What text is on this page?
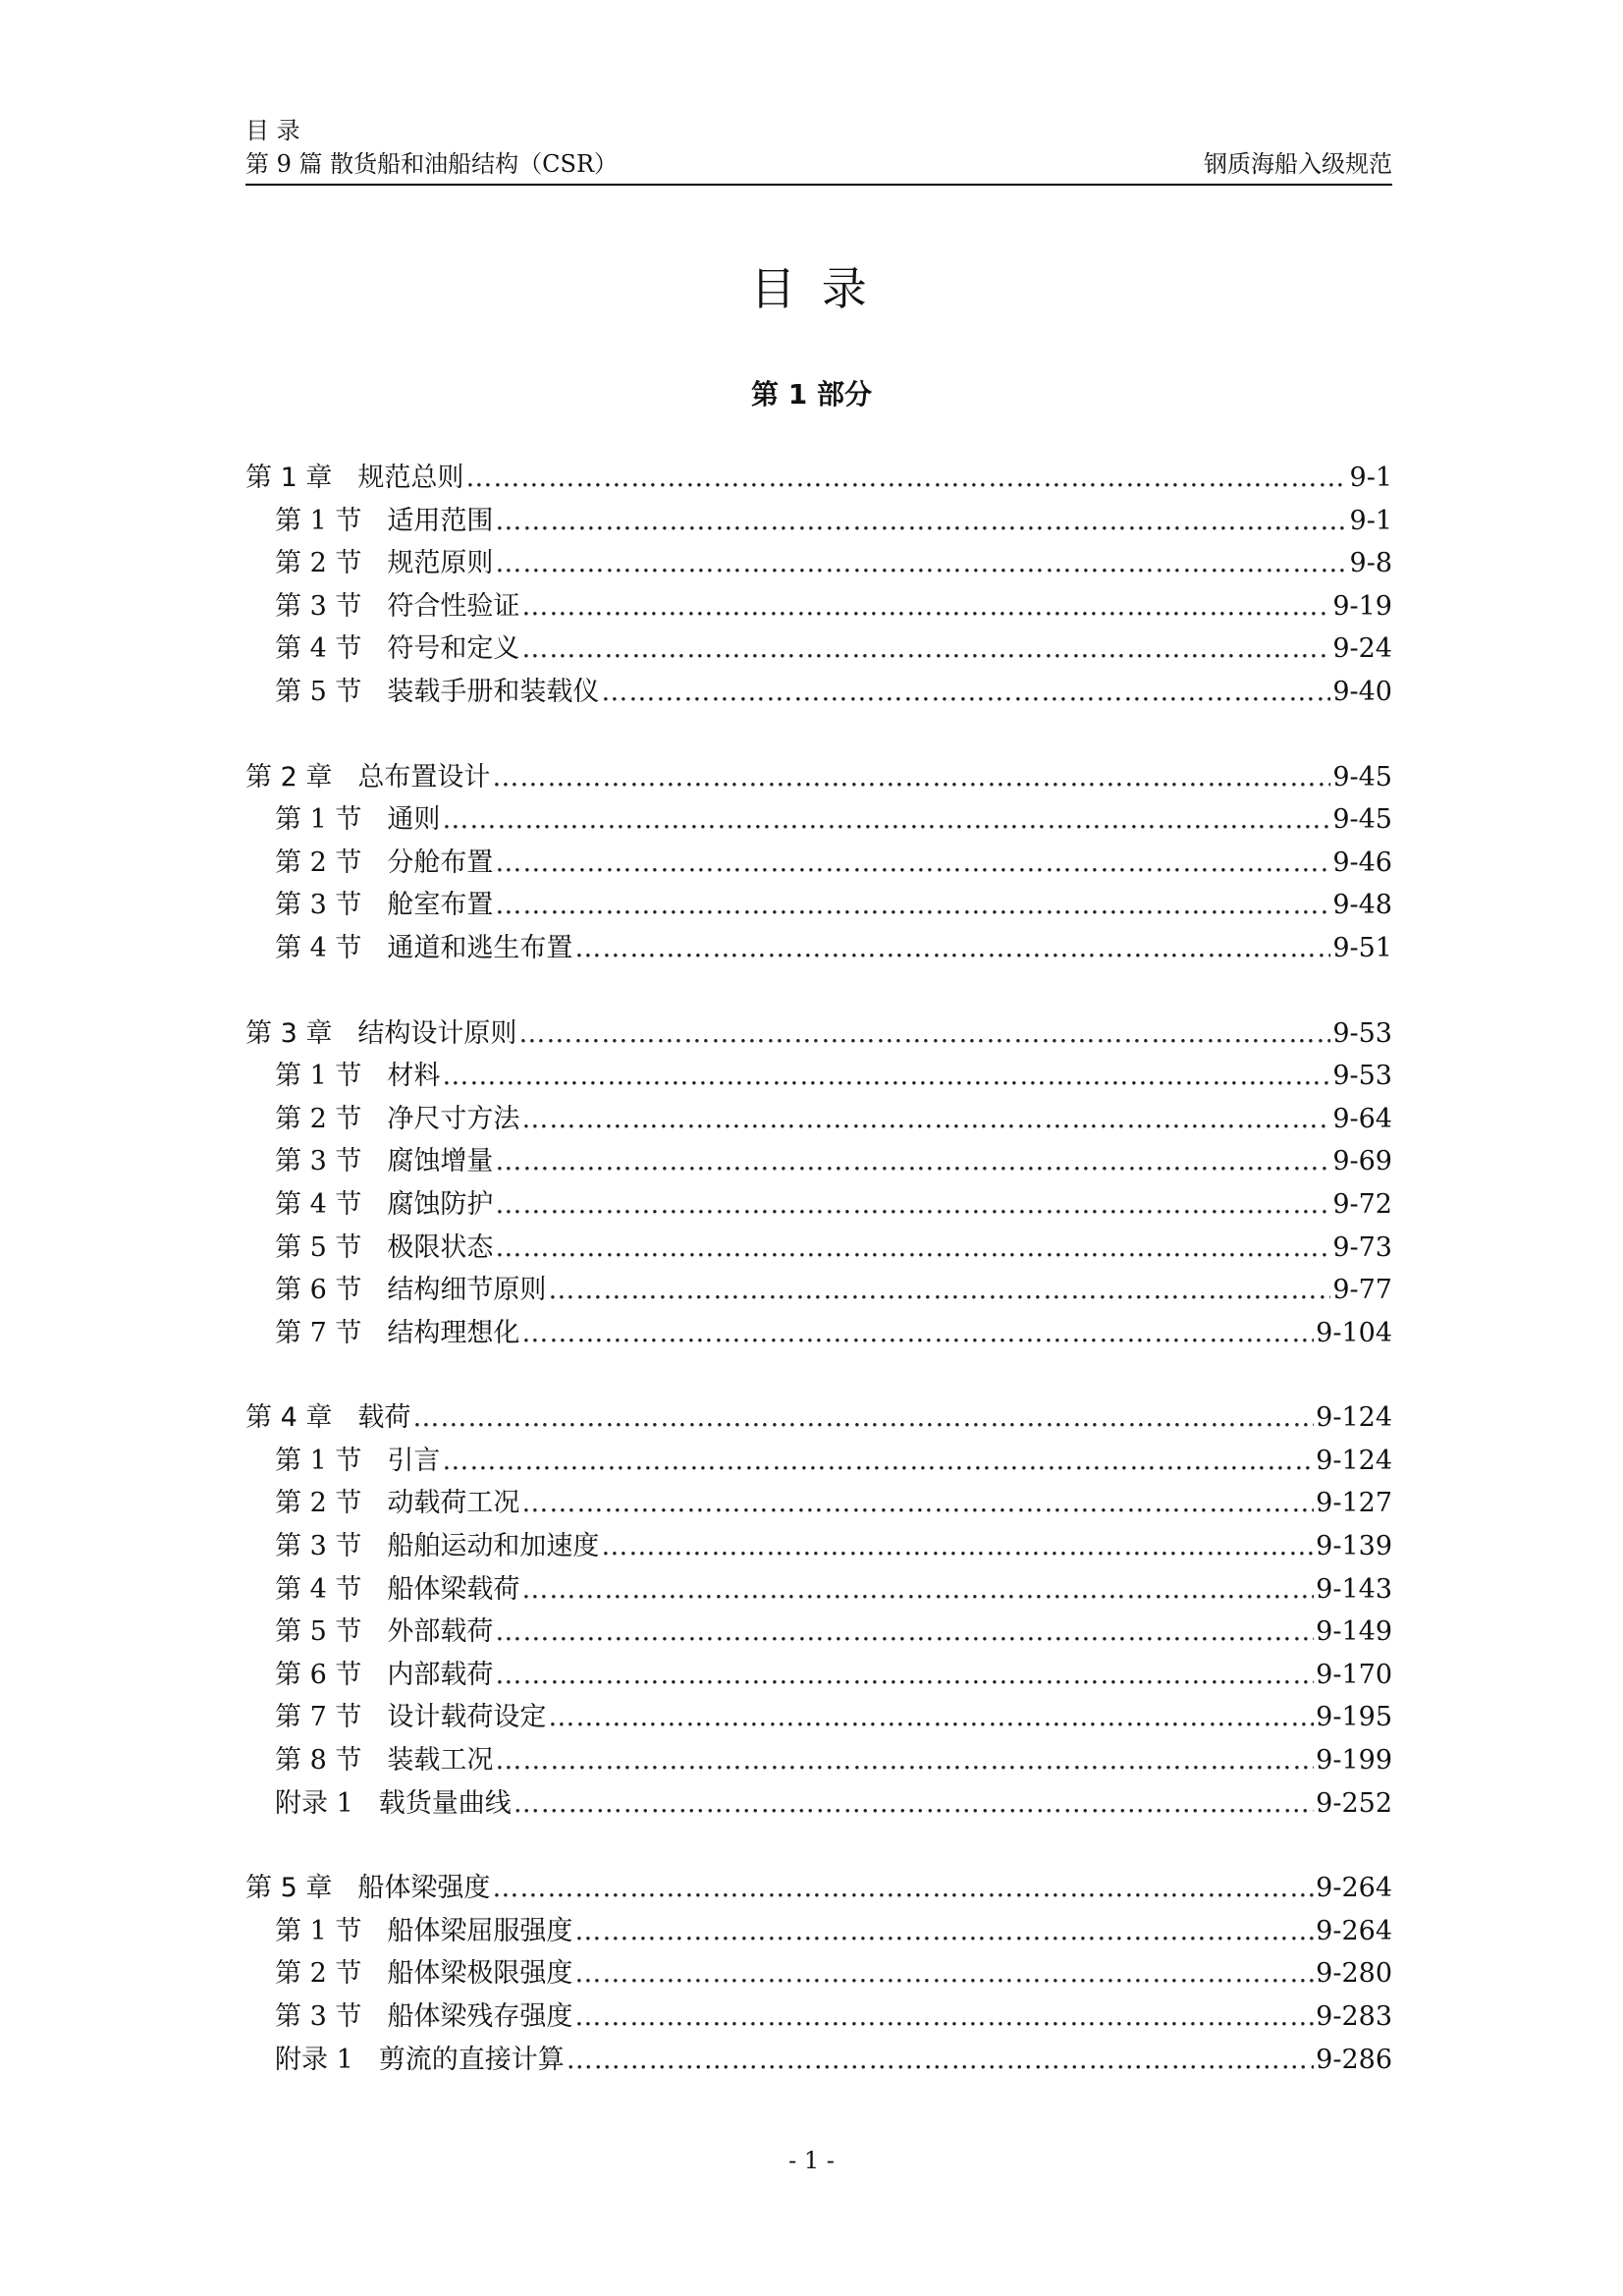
目 录
第 9 篇 散货船和油船结构（CSR）	钢质海船入级规范
目 录
第 1 部分
第 1 章 规范总则 …………………………………………………………………………………………………………………………………………………………………………	9-1
第 1 节 适用范围 …………………………………………………………………………………………………………………………………………………………………………	9-1
第 2 节 规范原则 …………………………………………………………………………………………………………………………………………………………………………	9-8
第 3 节 符合性验证 …………………………………………………………………………………………………………………………………………………………………………	9-19
第 4 节 符号和定义 …………………………………………………………………………………………………………………………………………………………………………	9-24
第 5 节 装载手册和装载仪 …………………………………………………………………………………………………………………………………………………………………………	9-40
第 2 章 总布置设计 …………………………………………………………………………………………………………………………………………………………………………	9-45
第 1 节 通则 …………………………………………………………………………………………………………………………………………………………………………	9-45
第 2 节 分舱布置 …………………………………………………………………………………………………………………………………………………………………………	9-46
第 3 节 舱室布置 …………………………………………………………………………………………………………………………………………………………………………	9-48
第 4 节 通道和逃生布置 …………………………………………………………………………………………………………………………………………………………………………	9-51
第 3 章 结构设计原则 …………………………………………………………………………………………………………………………………………………………………………	9-53
第 1 节 材料 …………………………………………………………………………………………………………………………………………………………………………	9-53
第 2 节 净尺寸方法 …………………………………………………………………………………………………………………………………………………………………………	9-64
第 3 节 腐蚀增量 …………………………………………………………………………………………………………………………………………………………………………	9-69
第 4 节 腐蚀防护 …………………………………………………………………………………………………………………………………………………………………………	9-72
第 5 节 极限状态 …………………………………………………………………………………………………………………………………………………………………………	9-73
第 6 节 结构细节原则 …………………………………………………………………………………………………………………………………………………………………………	9-77
第 7 节 结构理想化 …………………………………………………………………………………………………………………………………………………………………………	9-104
第 4 章 载荷 …………………………………………………………………………………………………………………………………………………………………………	9-124
第 1 节 引言 …………………………………………………………………………………………………………………………………………………………………………	9-124
第 2 节 动载荷工况 …………………………………………………………………………………………………………………………………………………………………………	9-127
第 3 节 船舶运动和加速度 …………………………………………………………………………………………………………………………………………………………………………	9-139
第 4 节 船体梁载荷 …………………………………………………………………………………………………………………………………………………………………………	9-143
第 5 节 外部载荷 …………………………………………………………………………………………………………………………………………………………………………	9-149
第 6 节 内部载荷 …………………………………………………………………………………………………………………………………………………………………………	9-170
第 7 节 设计载荷设定 …………………………………………………………………………………………………………………………………………………………………………	9-195
第 8 节 装载工况 …………………………………………………………………………………………………………………………………………………………………………	9-199
附录 1 载货量曲线 …………………………………………………………………………………………………………………………………………………………………………	9-252
第 5 章 船体梁强度 …………………………………………………………………………………………………………………………………………………………………………	9-264
第 1 节 船体梁屈服强度 …………………………………………………………………………………………………………………………………………………………………………	9-264
第 2 节 船体梁极限强度 …………………………………………………………………………………………………………………………………………………………………………	9-280
第 3 节 船体梁残存强度 …………………………………………………………………………………………………………………………………………………………………………	9-283
附录 1 剪流的直接计算 …………………………………………………………………………………………………………………………………………………………………………	9-286
- 1 -
